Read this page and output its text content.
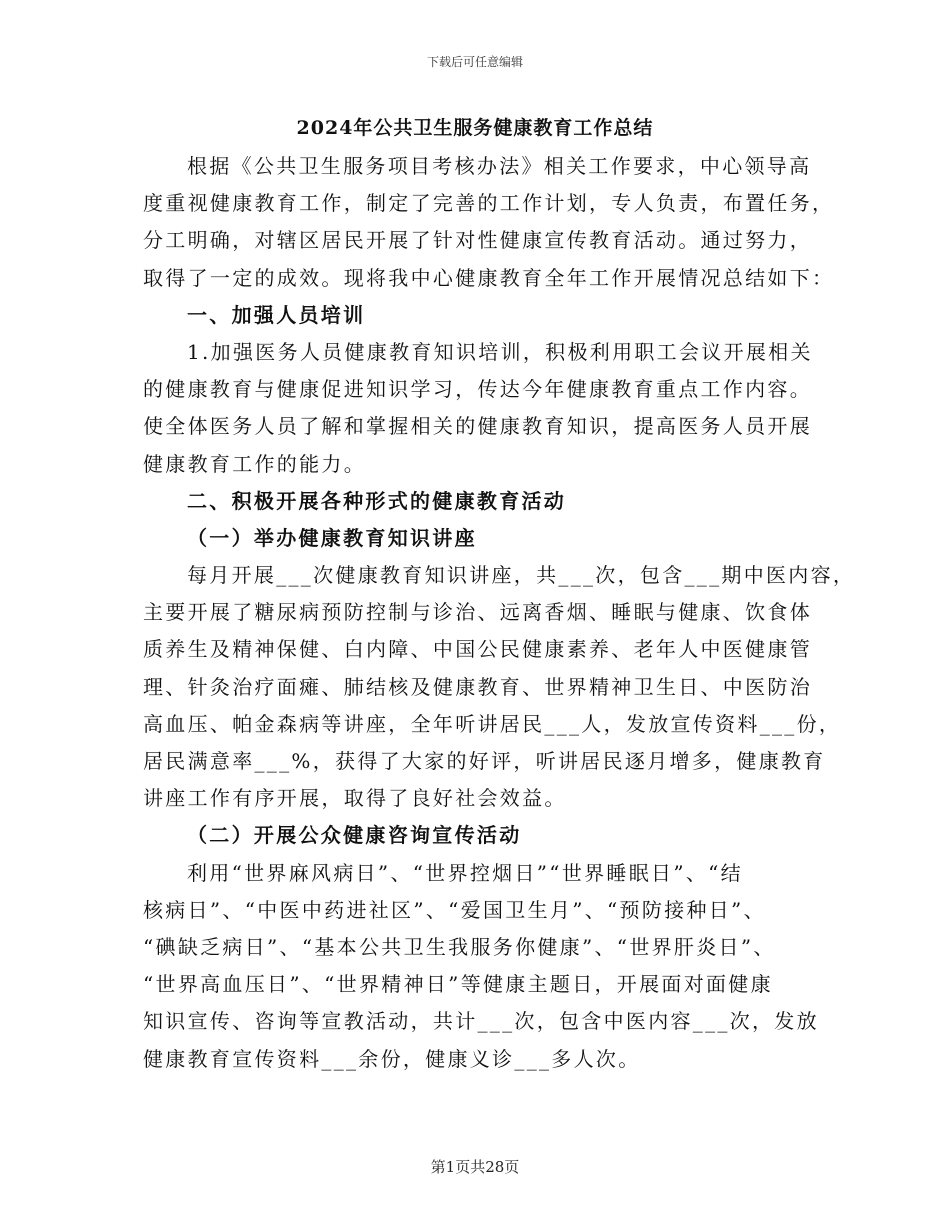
下载后可任意编辑
2024年公共卫生服务健康教育工作总结
根据《公共卫生服务项目考核办法》相关工作要求，中心领导高
度重视健康教育工作，制定了完善的工作计划，专人负责，布置任务，
分工明确，对辖区居民开展了针对性健康宣传教育活动。通过努力，
取得了一定的成效。现将我中心健康教育全年工作开展情况总结如下：
一、加强人员培训
1.加强医务人员健康教育知识培训，积极利用职工会议开展相关
的健康教育与健康促进知识学习，传达今年健康教育重点工作内容。
使全体医务人员了解和掌握相关的健康教育知识，提高医务人员开展
健康教育工作的能力。
二、积极开展各种形式的健康教育活动
（一）举办健康教育知识讲座
每月开展___次健康教育知识讲座，共___次，包含___期中医内容，
主要开展了糖尿病预防控制与诊治、远离香烟、睡眠与健康、饮食体
质养生及精神保健、白内障、中国公民健康素养、老年人中医健康管
理、针灸治疗面瘫、肺结核及健康教育、世界精神卫生日、中医防治
高血压、帕金森病等讲座，全年听讲居民___人，发放宣传资料___份，
居民满意率___%，获得了大家的好评，听讲居民逐月增多，健康教育
讲座工作有序开展，取得了良好社会效益。
（二）开展公众健康咨询宣传活动
利用“世界麻风病日”、“世界控烟日”“世界睡眠日”、“结
核病日”、“中医中药进社区”、“爱国卫生月”、“预防接种日”、
“碘缺乏病日”、“基本公共卫生我服务你健康”、“世界肝炎日”、
“世界高血压日”、“世界精神日”等健康主题日，开展面对面健康
知识宣传、咨询等宣教活动，共计___次，包含中医内容___次，发放
健康教育宣传资料___余份，健康义诊___多人次。
第1页共28页
